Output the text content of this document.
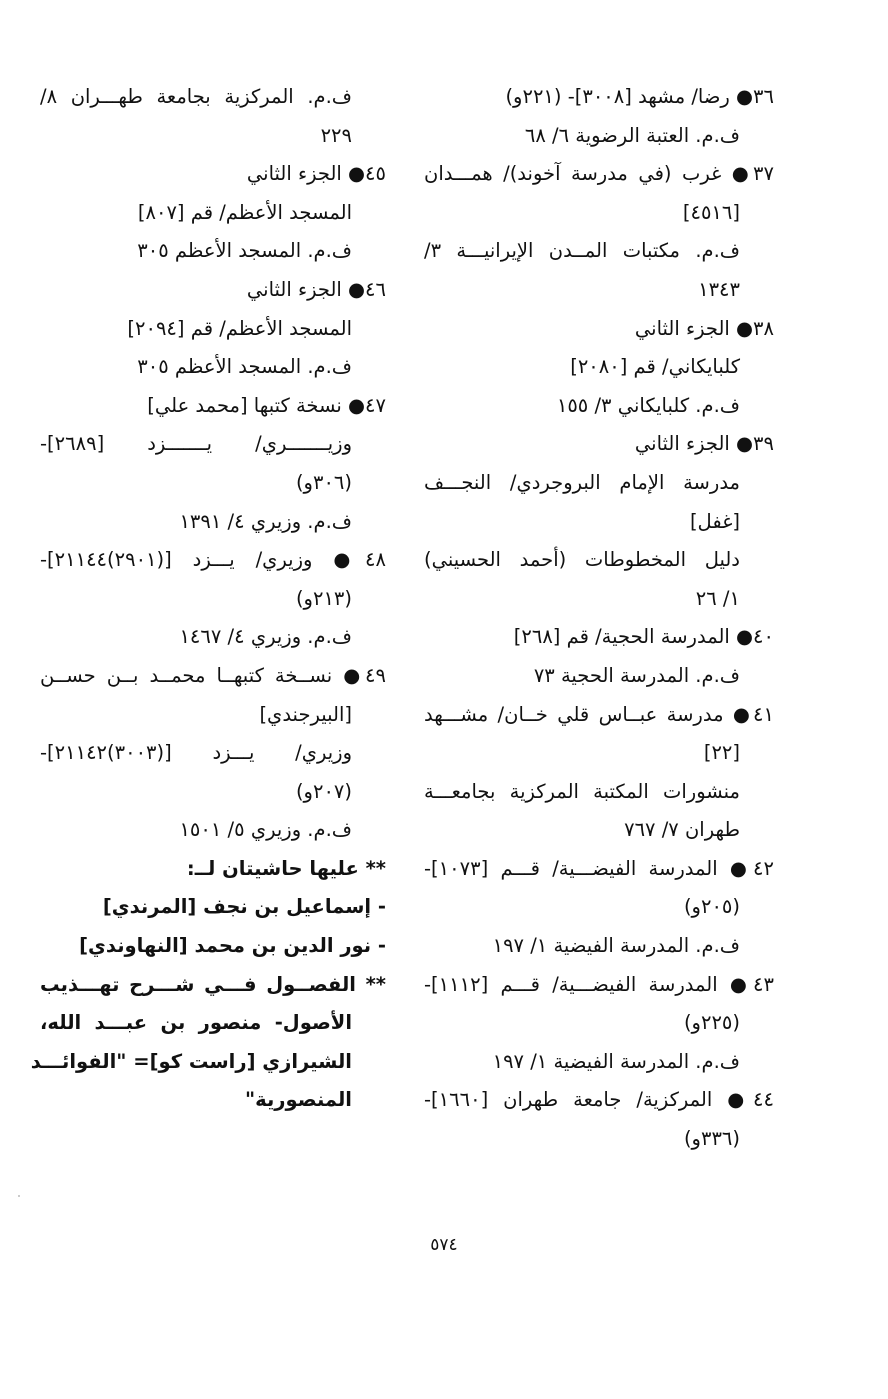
٣٦● رضا/ مشهد [٣٠٠٨]- (٢٢١و)
ف.م. العتبة الرضوية ٦/ ٦٨
٣٧● غرب (في مدرسة آخوند)/ همـــدان
[٤٥١٦]
ف.م. مكتبات المــدن الإيرانيـــة ٣/
١٣٤٣
٣٨● الجزء الثاني
كلبايكاني/ قم [٢٠٨٠]
ف.م. كلبايكاني ٣/ ١٥٥
٣٩● الجزء الثاني
مدرسة الإمام البروجردي/ النجـــف
[غفل]
دليل المخطوطات (أحمد الحسيني)
١/ ٢٦
٤٠● المدرسة الحجية/ قم [٢٦٨]
ف.م. المدرسة الحجية ٧٣
٤١● مدرسة عبــاس قلي خــان/ مشـــهد
[٢٢]
منشورات المكتبة المركزية بجامعـــة
طهران ٧/ ٧٦٧
٤٢● المدرسة الفيضـــية/ قـــم [١٠٧٣]-
(٢٠٥و)
ف.م. المدرسة الفيضية ١/ ١٩٧
٤٣● المدرسة الفيضـــية/ قـــم [١١١٢]-
(٢٢٥و)
ف.م. المدرسة الفيضية ١/ ١٩٧
٤٤● المركزية/ جامعة طهران [١٦٦٠]-
(٣٣٦و)
ف.م. المركزية بجامعة طهـــران ٨/
٢٢٩
٤٥● الجزء الثاني
المسجد الأعظم/ قم [٨٠٧]
ف.م. المسجد الأعظم ٣٠٥
٤٦● الجزء الثاني
المسجد الأعظم/ قم [٢٠٩٤]
ف.م. المسجد الأعظم ٣٠٥
٤٧● نسخة كتبها [محمد علي]
وزيـــــــري/ يـــــــزد [٢٦٨٩]-
(٣٠٦و)
ف.م. وزيري ٤/ ١٣٩١
٤٨● وزيري/ يـــزد [(٢٩٠١)٢١١٤٤]-
(٢١٣و)
ف.م. وزيري ٤/ ١٤٦٧
٤٩● نســخة كتبهــا محمــد بــن حســن
[البيرجندي]
وزيري/ يـــزد [(٣٠٠٣)٢١١٤٢]-
(٢٠٧و)
ف.م. وزيري ٥/ ١٥٠١
** عليها حاشيتان لــ:
- إسماعيل بن نجف [المرندي]
- نور الدين بن محمد [النهاوندي]
** الفصــول فـــي شـــرح تهـــذيب
الأصول- منصور بن عبـــد الله،
الشيرازي [راست كو]= "الفوائـــد
المنصورية"
٥٧٤
